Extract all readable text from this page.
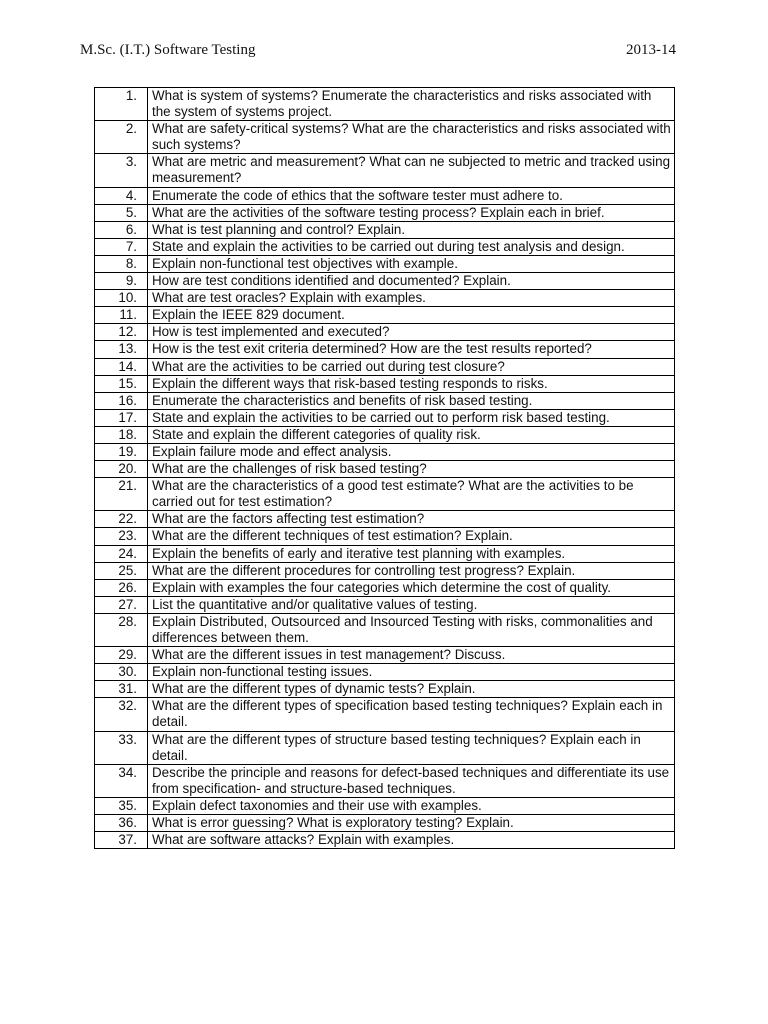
M.Sc. (I.T.) Software Testing	2013-14
1.	What is system of systems? Enumerate the characteristics and risks associated with the system of systems project.
2.	What are safety-critical systems? What are the characteristics and risks associated with such systems?
3.	What are metric and measurement? What can ne subjected to metric and tracked using measurement?
4.	Enumerate the code of ethics that the software tester must adhere to.
5.	What are the activities of the software testing process? Explain each in brief.
6.	What is test planning and control? Explain.
7.	State and explain the activities to be carried out during test analysis and design.
8.	Explain non-functional test objectives with example.
9.	How are test conditions identified and documented? Explain.
10.	What are test oracles? Explain with examples.
11.	Explain the IEEE 829 document.
12.	How is test implemented and executed?
13.	How is the test exit criteria determined? How are the test results reported?
14.	What are the activities to be carried out during test closure?
15.	Explain the different ways that risk-based testing responds to risks.
16.	Enumerate the characteristics and benefits of risk based testing.
17.	State and explain the activities to be carried out to perform risk based testing.
18.	State and explain the different categories of quality risk.
19.	Explain failure mode and effect analysis.
20.	What are the challenges of risk based testing?
21.	What are the characteristics of a good test estimate? What are the activities to be carried out for test estimation?
22.	What are the factors affecting test estimation?
23.	What are the different techniques of test estimation? Explain.
24.	Explain the benefits of early and iterative test planning with examples.
25.	What are the different procedures for controlling test progress? Explain.
26.	Explain with examples the four categories which determine the cost of quality.
27.	List the quantitative and/or qualitative values of testing.
28.	Explain Distributed, Outsourced and Insourced Testing with risks, commonalities and differences between them.
29.	What are the different issues in test management? Discuss.
30.	Explain non-functional testing issues.
31.	What are the different types of dynamic tests? Explain.
32.	What are the different types of specification based testing techniques? Explain each in detail.
33.	What are the different types of structure based testing techniques? Explain each in detail.
34.	Describe the principle and reasons for defect-based techniques and differentiate its use from specification- and structure-based techniques.
35.	Explain defect taxonomies and their use with examples.
36.	What is error guessing? What is exploratory testing? Explain.
37.	What are software attacks? Explain with examples.
